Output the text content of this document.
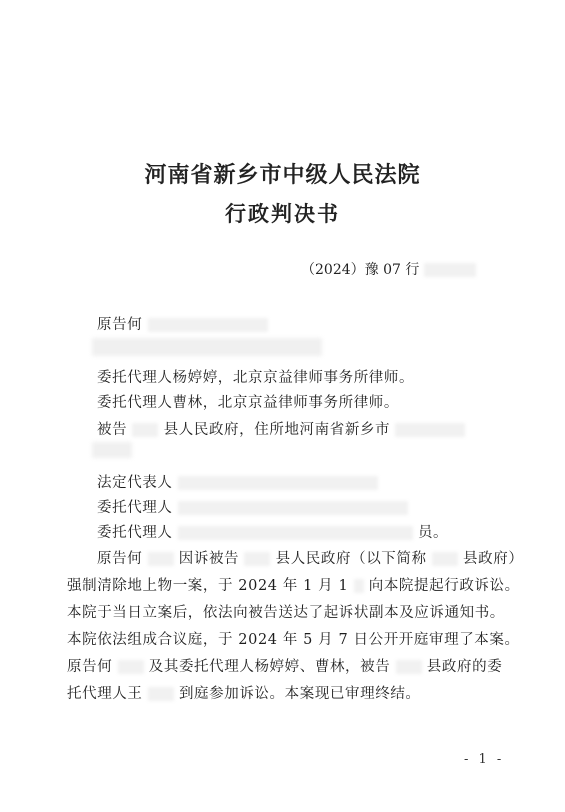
河南省新乡市中级人民法院
行政判决书
（2024）豫 07 行
原告何
委托代理人杨婷婷，北京京益律师事务所律师。
委托代理人曹林，北京京益律师事务所律师。
被告	县人民政府，住所地河南省新乡市
法定代表人
委托代理人
委托代理人	员。
原告何	因诉被告	县人民政府（以下简称	县政府）
强制清除地上物一案，于 2024 年 1 月 1 向本院提起行政诉讼。
本院于当日立案后，依法向被告送达了起诉状副本及应诉通知书。
本院依法组成合议庭，于 2024 年 5 月 7 日公开开庭审理了本案。
原告何	及其委托代理人杨婷婷、曹林，被告	县政府的委
托代理人王	到庭参加诉讼。本案现已审理终结。
- 1 -
